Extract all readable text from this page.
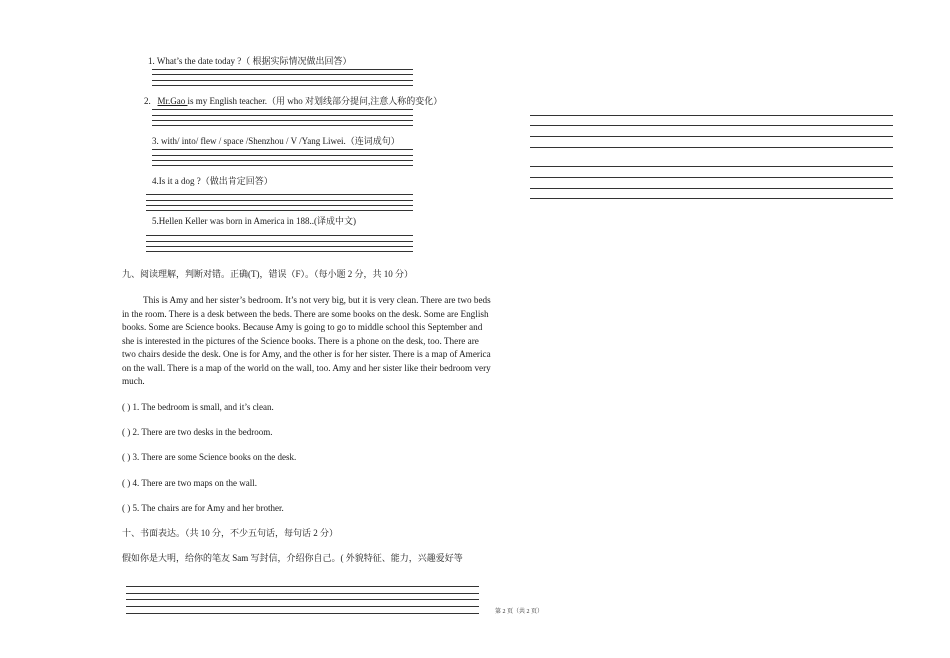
1. What’s the date today ?（ 根据实际情况做出回答）
2.   Mr.Gao is my English teacher.（用 who 对划线部分提问,注意人称的变化）
3. with/ into/ flew / space /Shenzhou / V /Yang Liwei.（连词成句）
4.Is it a dog ?（做出肯定回答）
5.Hellen Keller was born in America in 188..(译成中文)
九、阅读理解，判断对错。正确(T)，错误（F）。（每小题 2 分，共 10 分）
This is Amy and her sister’s bedroom. It’s not very big, but it is very clean. There are two beds in the room. There is a desk between the beds. There are some books on the desk. Some are English books. Some are Science books. Because Amy is going to go to middle school this September and she is interested in the pictures of the Science books. There is a phone on the desk, too. There are two chairs deside the desk. One is for Amy, and the other is for her sister. There is a map of America on the wall. There is a map of the world on the wall, too. Amy and her sister like their bedroom very much.
( ) 1. The bedroom is small, and it’s clean.
( ) 2. There are two desks in the bedroom.
( ) 3. There are some Science books on the desk.
( ) 4. There are two maps on the wall.
( ) 5. The chairs are for Amy and her brother.
十、书面表达。（共 10 分，不少五句话，每句话 2 分）
假如你是大明，给你的笔友 Sam 写封信，介绍你自己。( 外貌特征、能力，兴趣爱好等
第 2 页（共 2 页）
